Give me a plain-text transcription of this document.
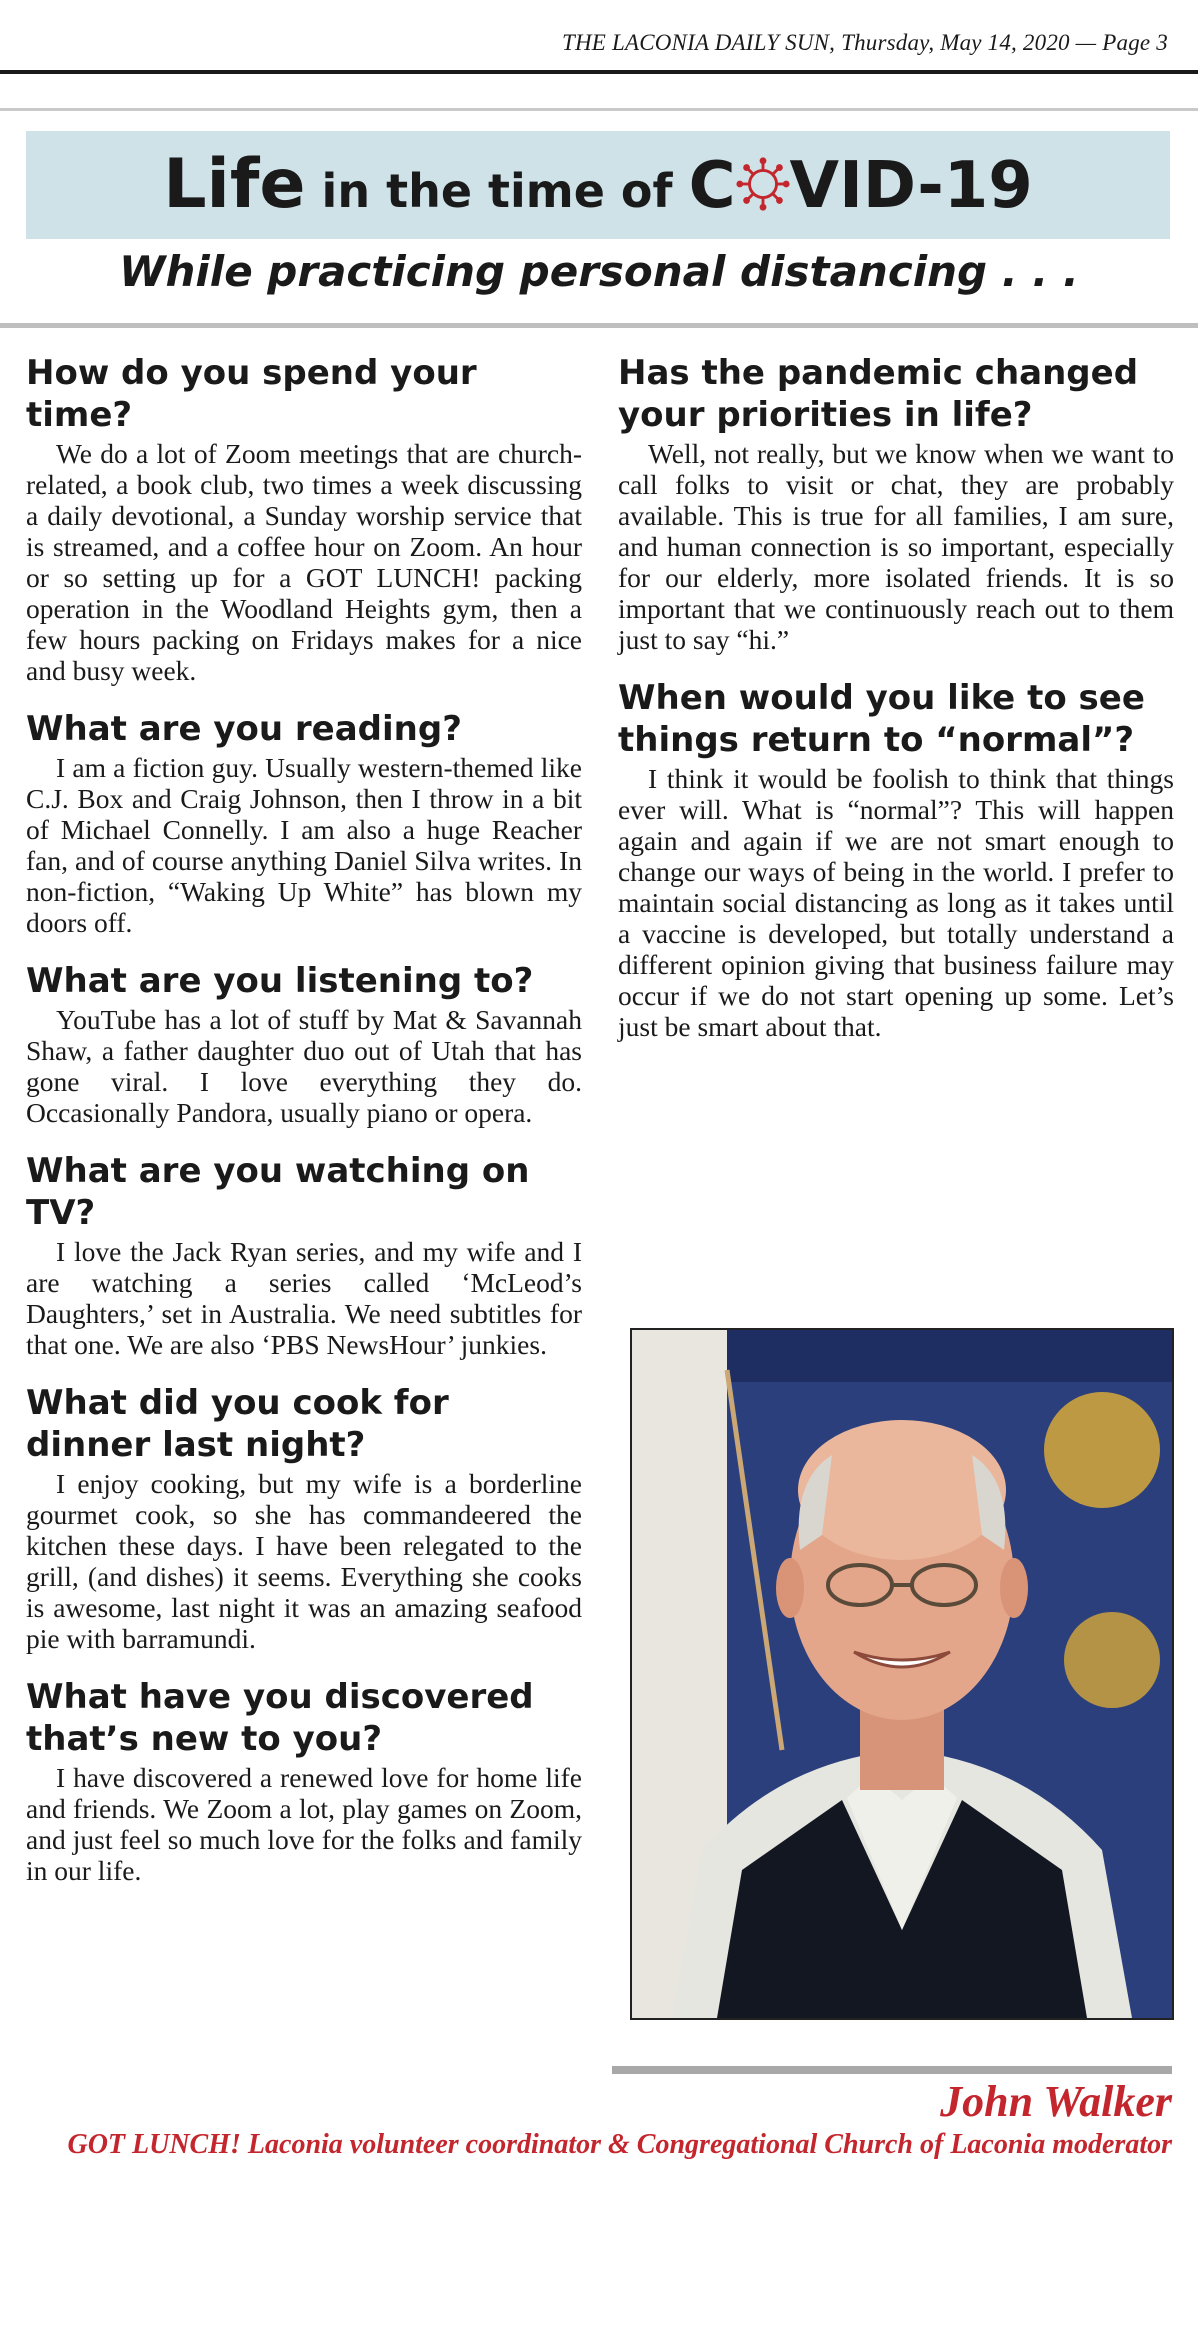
THE LACONIA DAILY SUN, Thursday, May 14, 2020 — Page 3
Life in the time of C VID-19
While practicing personal distancing . . .
How do you spend your time?

We do a lot of Zoom meetings that are church-related, a book club, two times a week discussing a daily devotional, a Sunday worship service that is streamed, and a coffee hour on Zoom. An hour or so setting up for a GOT LUNCH! packing operation in the Woodland Heights gym, then a few hours packing on Fridays makes for a nice and busy week.

What are you reading?

I am a fiction guy. Usually western-themed like C.J. Box and Craig Johnson, then I throw in a bit of Michael Connelly. I am also a huge Reacher fan, and of course anything Daniel Silva writes. In non-fiction, “Waking Up White” has blown my doors off.

What are you listening to?

YouTube has a lot of stuff by Mat & Savannah Shaw, a father daughter duo out of Utah that has gone viral. I love everything they do. Occasionally Pandora, usually piano or opera.

What are you watching on TV?

I love the Jack Ryan series, and my wife and I are watching a series called ‘McLeod’s Daughters,’ set in Australia. We need subtitles for that one. We are also ‘PBS NewsHour’ junkies.

What did you cook for dinner last night?

I enjoy cooking, but my wife is a borderline gourmet cook, so she has commandeered the kitchen these days. I have been relegated to the grill, (and dishes) it seems. Everything she cooks is awesome, last night it was an amazing seafood pie with barramundi.

What have you discovered that’s new to you?

I have discovered a renewed love for home life and friends. We Zoom a lot, play games on Zoom, and just feel so much love for the folks and family in our life.

Has the pandemic changed your priorities in life?

Well, not really, but we know when we want to call folks to visit or chat, they are probably available. This is true for all families, I am sure, and human connection is so important, especially for our elderly, more isolated friends. It is so important that we continuously reach out to them just to say “hi.”

When would you like to see things return to “normal”?

I think it would be foolish to think that things ever will. What is “normal”? This will happen again and again if we are not smart enough to change our ways of being in the world. I prefer to maintain social distancing as long as it takes until a vaccine is developed, but totally understand a different opinion giving that business failure may occur if we do not start opening up some. Let’s just be smart about that.

John Walker
GOT LUNCH! Laconia volunteer coordinator & Congregational Church of Laconia moderator
